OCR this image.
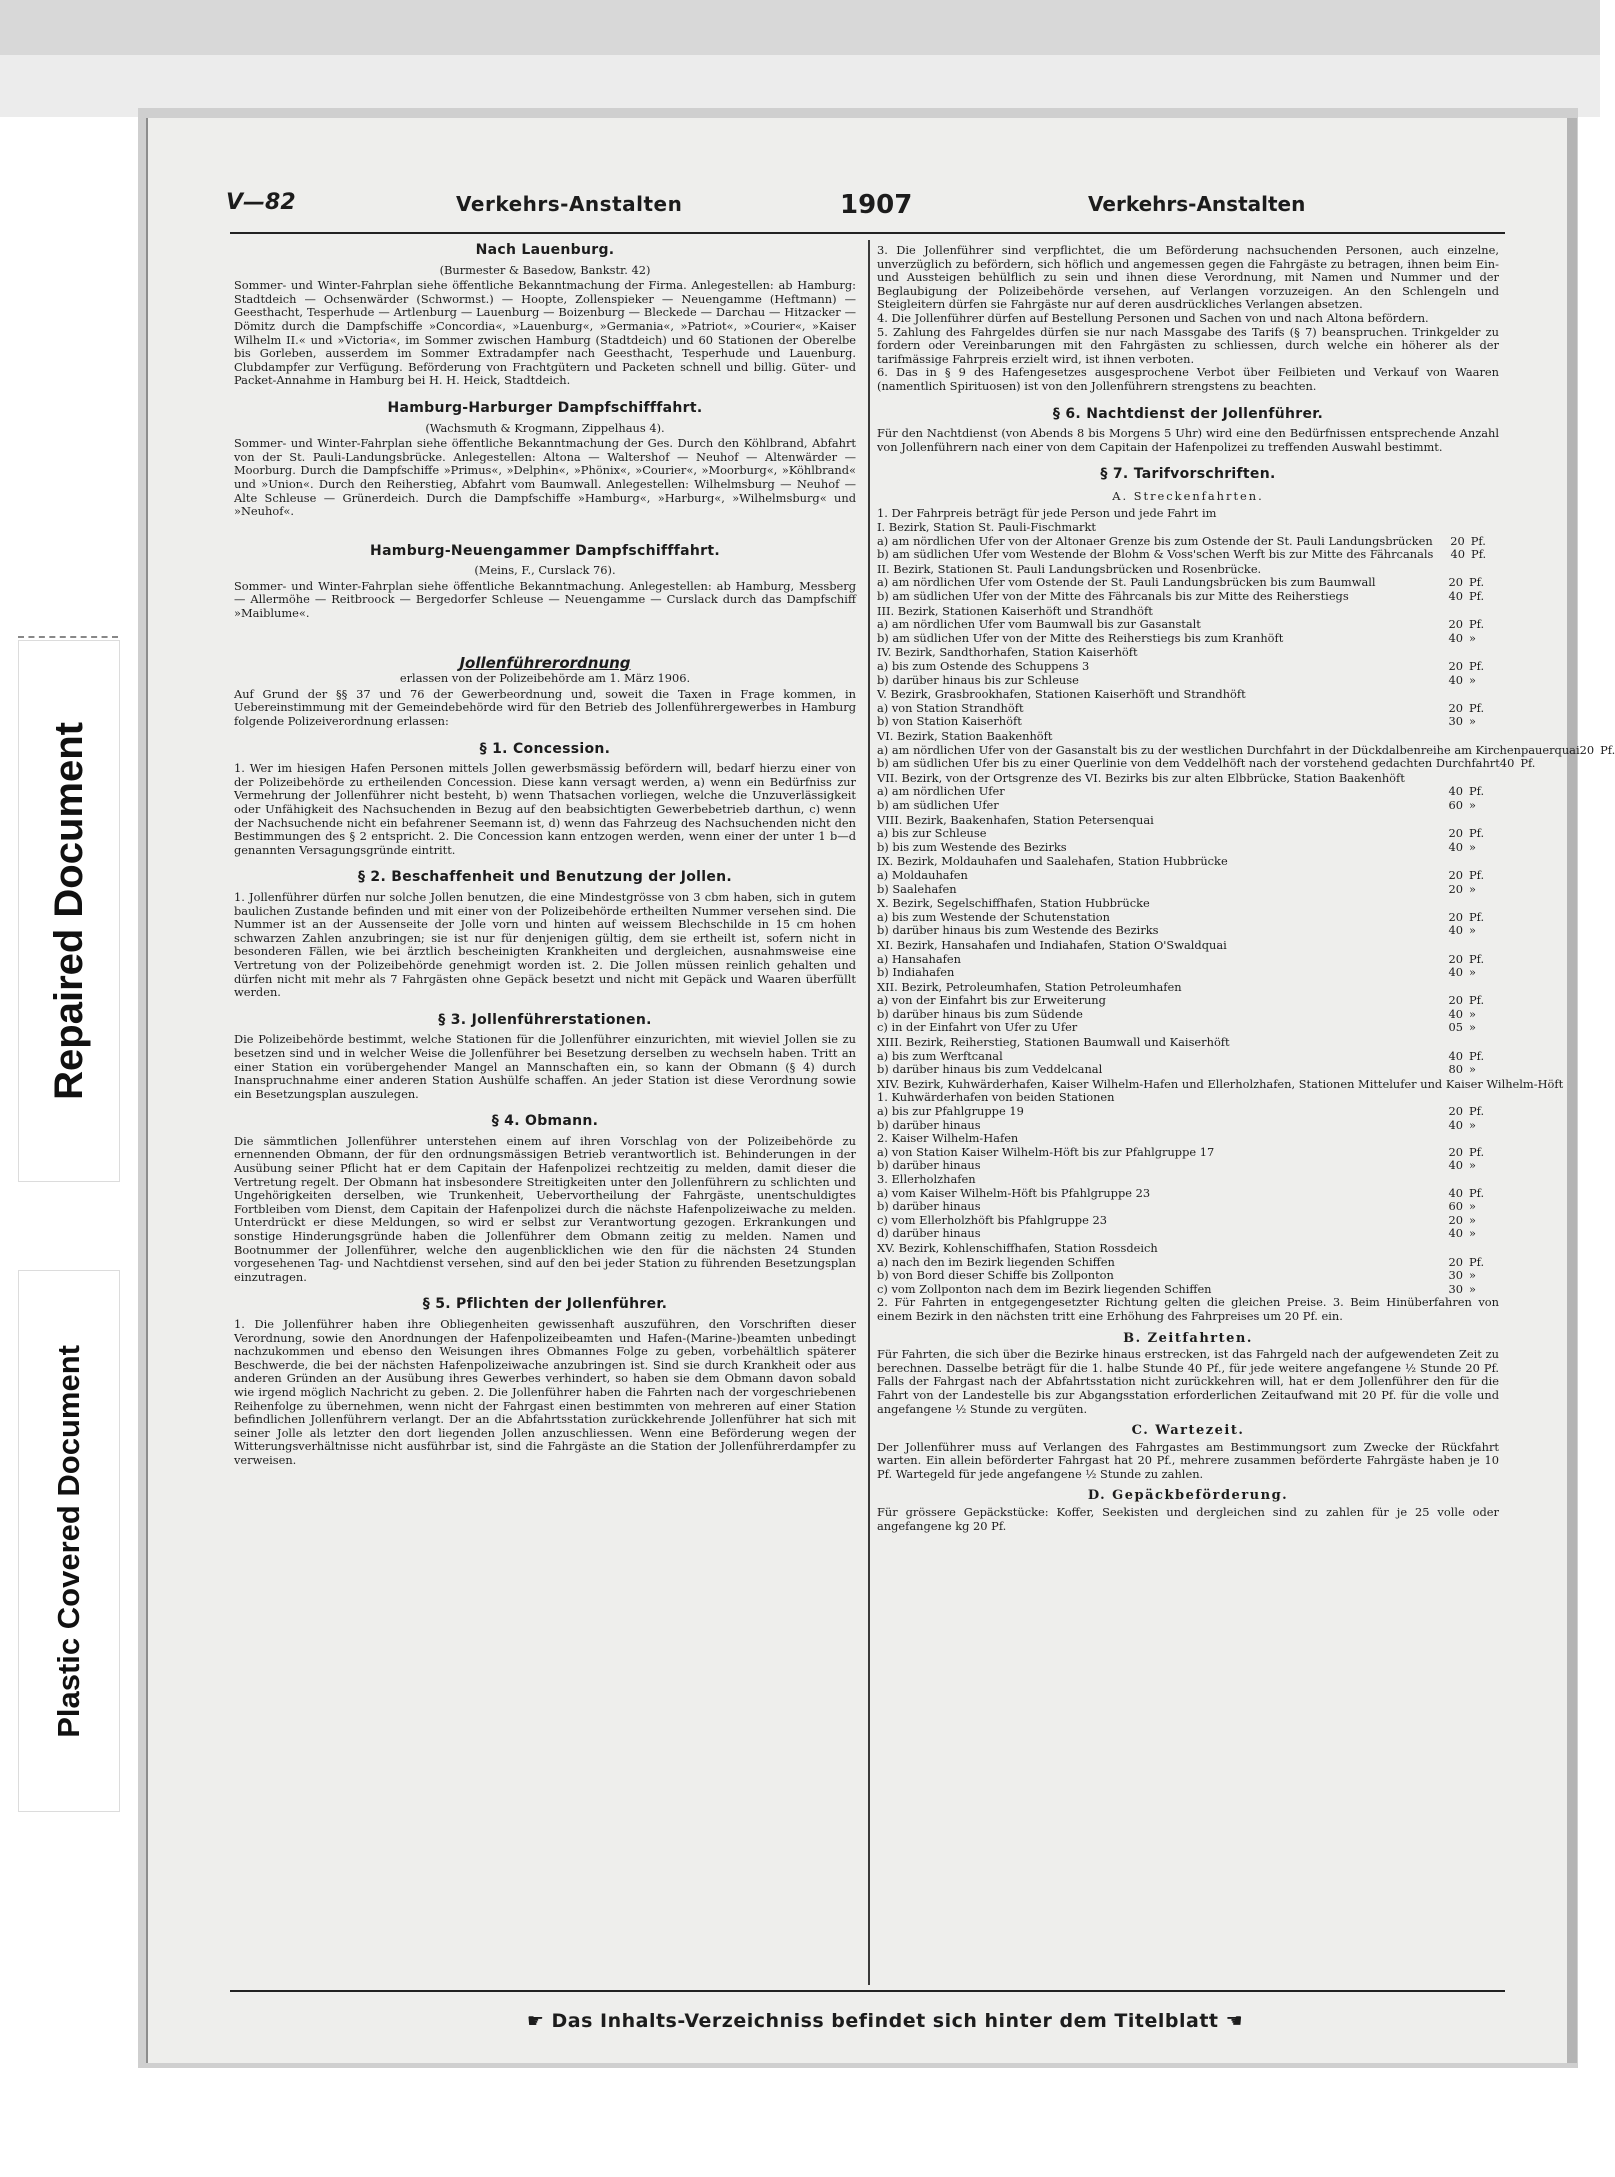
Repaired Document
Plastic Covered Document
V—82	Verkehrs-Anstalten	1907	Verkehrs-Anstalten
Nach Lauenburg.
(Burmester & Basedow, Bankstr. 42)

Sommer- und Winter-Fahrplan siehe öffentliche Bekanntmachung der Firma. Anlegestellen: ab Hamburg: Stadtdeich — Ochsenwärder (Schwormst.) — Hoopte, Zollenspieker — Neuengamme (Heftmann) — Geesthacht, Tesperhude — Artlenburg — Lauenburg — Boizenburg — Bleckede — Darchau — Hitzacker — Dömitz durch die Dampfschiffe »Concordia«, »Lauenburg«, »Germania«, »Patriot«, »Courier«, »Kaiser Wilhelm II.« und »Victoria«, im Sommer zwischen Hamburg (Stadtdeich) und 60 Stationen der Oberelbe bis Gorleben, ausserdem im Sommer Extradampfer nach Geesthacht, Tesperhude und Lauenburg. Clubdampfer zur Verfügung. Beförderung von Frachtgütern und Packeten schnell und billig. Güter- und Packet-Annahme in Hamburg bei H. H. Heick, Stadtdeich.

Hamburg-Harburger Dampfschifffahrt.
(Wachsmuth & Krogmann, Zippelhaus 4).

Sommer- und Winter-Fahrplan siehe öffentliche Bekanntmachung der Ges. Durch den Köhlbrand, Abfahrt von der St. Pauli-Landungsbrücke. Anlegestellen: Altona — Waltershof — Neuhof — Altenwärder — Moorburg. Durch die Dampfschiffe »Primus«, »Delphin«, »Phönix«, »Courier«, »Moorburg«, »Köhlbrand« und »Union«. Durch den Reiherstieg, Abfahrt vom Baumwall. Anlegestellen: Wilhelmsburg — Neuhof — Alte Schleuse — Grünerdeich. Durch die Dampfschiffe »Hamburg«, »Harburg«, »Wilhelmsburg« und »Neuhof«.

Hamburg-Neuengammer Dampfschifffahrt.
(Meins, F., Curslack 76).

Sommer- und Winter-Fahrplan siehe öffentliche Bekanntmachung. Anlegestellen: ab Hamburg, Messberg — Allermöhe — Reitbroock — Bergedorfer Schleuse — Neuengamme — Curslack durch das Dampfschiff »Maiblume«.

Jollenführerordnung
erlassen von der Polizeibehörde am 1. März 1906.

Auf Grund der §§ 37 und 76 der Gewerbeordnung und, soweit die Taxen in Frage kommen, in Uebereinstimmung mit der Gemeindebehörde wird für den Betrieb des Jollenführergewerbes in Hamburg folgende Polizeiverordnung erlassen:

§ 1. Concession.

1. Wer im hiesigen Hafen Personen mittels Jollen gewerbsmässig befördern will, bedarf hierzu einer von der Polizeibehörde zu ertheilenden Concession. Diese kann versagt werden, a) wenn ein Bedürfniss zur Vermehrung der Jollenführer nicht besteht, b) wenn Thatsachen vorliegen, welche die Unzuverlässigkeit oder Unfähigkeit des Nachsuchenden in Bezug auf den beabsichtigten Gewerbebetrieb darthun, c) wenn der Nachsuchende nicht ein befahrener Seemann ist, d) wenn das Fahrzeug des Nachsuchenden nicht den Bestimmungen des § 2 entspricht. 2. Die Concession kann entzogen werden, wenn einer der unter 1 b—d genannten Versagungsgründe eintritt.

§ 2. Beschaffenheit und Benutzung der Jollen.

1. Jollenführer dürfen nur solche Jollen benutzen, die eine Mindestgrösse von 3 cbm haben, sich in gutem baulichen Zustande befinden und mit einer von der Polizeibehörde ertheilten Nummer versehen sind. Die Nummer ist an der Aussenseite der Jolle vorn und hinten auf weissem Blechschilde in 15 cm hohen schwarzen Zahlen anzubringen; sie ist nur für denjenigen gültig, dem sie ertheilt ist, sofern nicht in besonderen Fällen, wie bei ärztlich bescheinigten Krankheiten und dergleichen, ausnahmsweise eine Vertretung von der Polizeibehörde genehmigt worden ist. 2. Die Jollen müssen reinlich gehalten und dürfen nicht mit mehr als 7 Fahrgästen ohne Gepäck besetzt und nicht mit Gepäck und Waaren überfüllt werden.

§ 3. Jollenführerstationen.

Die Polizeibehörde bestimmt, welche Stationen für die Jollenführer einzurichten, mit wieviel Jollen sie zu besetzen sind und in welcher Weise die Jollenführer bei Besetzung derselben zu wechseln haben. Tritt an einer Station ein vorübergehender Mangel an Mannschaften ein, so kann der Obmann (§ 4) durch Inanspruchnahme einer anderen Station Aushülfe schaffen. An jeder Station ist diese Verordnung sowie ein Besetzungsplan auszulegen.

§ 4. Obmann.

Die sämmtlichen Jollenführer unterstehen einem auf ihren Vorschlag von der Polizeibehörde zu ernennenden Obmann, der für den ordnungsmässigen Betrieb verantwortlich ist. Behinderungen in der Ausübung seiner Pflicht hat er dem Capitain der Hafenpolizei rechtzeitig zu melden, damit dieser die Vertretung regelt. Der Obmann hat insbesondere Streitigkeiten unter den Jollenführern zu schlichten und Ungehörigkeiten derselben, wie Trunkenheit, Uebervortheilung der Fahrgäste, unentschuldigtes Fortbleiben vom Dienst, dem Capitain der Hafenpolizei durch die nächste Hafenpolizeiwache zu melden. Unterdrückt er diese Meldungen, so wird er selbst zur Verantwortung gezogen. Erkrankungen und sonstige Hinderungsgründe haben die Jollenführer dem Obmann zeitig zu melden. Namen und Bootnummer der Jollenführer, welche den augenblicklichen wie den für die nächsten 24 Stunden vorgesehenen Tag- und Nachtdienst versehen, sind auf den bei jeder Station zu führenden Besetzungsplan einzutragen.

§ 5. Pflichten der Jollenführer.

1. Die Jollenführer haben ihre Obliegenheiten gewissenhaft auszuführen, den Vorschriften dieser Verordnung, sowie den Anordnungen der Hafenpolizeibeamten und Hafen-(Marine-)beamten unbedingt nachzukommen und ebenso den Weisungen ihres Obmannes Folge zu geben, vorbehältlich späterer Beschwerde, die bei der nächsten Hafenpolizeiwache anzubringen ist. Sind sie durch Krankheit oder aus anderen Gründen an der Ausübung ihres Gewerbes verhindert, so haben sie dem Obmann davon sobald wie irgend möglich Nachricht zu geben. 2. Die Jollenführer haben die Fahrten nach der vorgeschriebenen Reihenfolge zu übernehmen, wenn nicht der Fahrgast einen bestimmten von mehreren auf einer Station befindlichen Jollenführern verlangt. Der an die Abfahrtsstation zurückkehrende Jollenführer hat sich mit seiner Jolle als letzter den dort liegenden Jollen anzuschliessen. Wenn eine Beförderung wegen der Witterungsverhältnisse nicht ausführbar ist, sind die Fahrgäste an die Station der Jollenführerdampfer zu verweisen.

3. Die Jollenführer sind verpflichtet, die um Beförderung nachsuchenden Personen, auch einzelne, unverzüglich zu befördern, sich höflich und angemessen gegen die Fahrgäste zu betragen, ihnen beim Ein- und Aussteigen behülflich zu sein und ihnen diese Verordnung, mit Namen und Nummer und der Beglaubigung der Polizeibehörde versehen, auf Verlangen vorzuzeigen. An den Schlengeln und Steigleitern dürfen sie Fahrgäste nur auf deren ausdrückliches Verlangen absetzen.

4. Die Jollenführer dürfen auf Bestellung Personen und Sachen von und nach Altona befördern.

5. Zahlung des Fahrgeldes dürfen sie nur nach Massgabe des Tarifs (§ 7) beanspruchen. Trinkgelder zu fordern oder Vereinbarungen mit den Fahrgästen zu schliessen, durch welche ein höherer als der tarifmässige Fahrpreis erzielt wird, ist ihnen verboten.

6. Das in § 9 des Hafengesetzes ausgesprochene Verbot über Feilbieten und Verkauf von Waaren (namentlich Spirituosen) ist von den Jollenführern strengstens zu beachten.

§ 6. Nachtdienst der Jollenführer.

Für den Nachtdienst (von Abends 8 bis Morgens 5 Uhr) wird eine den Bedürfnissen entsprechende Anzahl von Jollenführern nach einer von dem Capitain der Hafenpolizei zu treffenden Auswahl bestimmt.

§ 7. Tarifvorschriften.
A. Streckenfahrten.

1. Der Fahrpreis beträgt für jede Person und jede Fahrt im

I. Bezirk, Station St. Pauli-Fischmarkt
a) am nördlichen Ufer von der Altonaer Grenze bis zum Ostende der St. Pauli Landungsbrücken	20 Pf.
b) am südlichen Ufer vom Westende der Blohm & Voss'schen Werft bis zur Mitte des Fährcanals	40 Pf.
II. Bezirk, Stationen St. Pauli Landungsbrücken und Rosenbrücke.
a) am nördlichen Ufer vom Ostende der St. Pauli Landungsbrücken bis zum Baumwall	20 Pf.
b) am südlichen Ufer von der Mitte des Fährcanals bis zur Mitte des Reiherstiegs	40 Pf.
III. Bezirk, Stationen Kaiserhöft und Strandhöft
a) am nördlichen Ufer vom Baumwall bis zur Gasanstalt	20 Pf.
b) am südlichen Ufer von der Mitte des Reiherstiegs bis zum Kranhöft	40 »
IV. Bezirk, Sandthorhafen, Station Kaiserhöft
a) bis zum Ostende des Schuppens 3	20 Pf.
b) darüber hinaus bis zur Schleuse	40 »
V. Bezirk, Grasbrookhafen, Stationen Kaiserhöft und Strandhöft
a) von Station Strandhöft	20 Pf.
b) von Station Kaiserhöft	30 »
VI. Bezirk, Station Baakenhöft
a) am nördlichen Ufer von der Gasanstalt bis zu der westlichen Durchfahrt in der Dückdalbenreihe am Kirchenpauerquai 20 Pf.
b) am südlichen Ufer bis zu einer Querlinie von dem Veddelhöft nach der vorstehend gedachten Durchfahrt 40 Pf.
VII. Bezirk, von der Ortsgrenze des VI. Bezirks bis zur alten Elbbrücke, Station Baakenhöft
a) am nördlichen Ufer	40 Pf.
b) am südlichen Ufer	60 »
VIII. Bezirk, Baakenhafen, Station Petersenquai
a) bis zur Schleuse	20 Pf.
b) bis zum Westende des Bezirks	40 »
IX. Bezirk, Moldauhafen und Saalehafen, Station Hubbrücke
a) Moldauhafen	20 Pf.
b) Saalehafen	20 »
X. Bezirk, Segelschiffhafen, Station Hubbrücke
a) bis zum Westende der Schutenstation	20 Pf.
b) darüber hinaus bis zum Westende des Bezirks	40 »
XI. Bezirk, Hansahafen und Indiahafen, Station O'Swaldquai
a) Hansahafen	20 Pf.
b) Indiahafen	40 »
XII. Bezirk, Petroleumhafen, Station Petroleumhafen
a) von der Einfahrt bis zur Erweiterung	20 Pf.
b) darüber hinaus bis zum Südende	40 »
c) in der Einfahrt von Ufer zu Ufer	05 »
XIII. Bezirk, Reiherstieg, Stationen Baumwall und Kaiserhöft
a) bis zum Werftcanal	40 Pf.
b) darüber hinaus bis zum Veddelcanal	80 »
XIV. Bezirk, Kuhwärderhafen, Kaiser Wilhelm-Hafen und Ellerholzhafen, Stationen Mittelufer und Kaiser Wilhelm-Höft
1. Kuhwärderhafen von beiden Stationen
a) bis zur Pfahlgruppe 19	20 Pf.
b) darüber hinaus	40 »
2. Kaiser Wilhelm-Hafen
a) von Station Kaiser Wilhelm-Höft bis zur Pfahlgruppe 17	20 Pf.
b) darüber hinaus	40 »
3. Ellerholzhafen
a) vom Kaiser Wilhelm-Höft bis Pfahlgruppe 23	40 Pf.
b) darüber hinaus	60 »
c) vom Ellerholzhöft bis Pfahlgruppe 23	20 »
d) darüber hinaus	40 »
XV. Bezirk, Kohlenschiffhafen, Station Rossdeich
a) nach den im Bezirk liegenden Schiffen	20 Pf.
b) von Bord dieser Schiffe bis Zollponton	30 »
c) vom Zollponton nach dem im Bezirk liegenden Schiffen	30 »

2. Für Fahrten in entgegengesetzter Richtung gelten die gleichen Preise. 3. Beim Hinüberfahren von einem Bezirk in den nächsten tritt eine Erhöhung des Fahrpreises um 20 Pf. ein.

B. Zeitfahrten.

Für Fahrten, die sich über die Bezirke hinaus erstrecken, ist das Fahrgeld nach der aufgewendeten Zeit zu berechnen. Dasselbe beträgt für die 1. halbe Stunde 40 Pf., für jede weitere angefangene ½ Stunde 20 Pf. Falls der Fahrgast nach der Abfahrtsstation nicht zurückkehren will, hat er dem Jollenführer den für die Fahrt von der Landestelle bis zur Abgangsstation erforderlichen Zeitaufwand mit 20 Pf. für die volle und angefangene ½ Stunde zu vergüten.

C. Wartezeit.

Der Jollenführer muss auf Verlangen des Fahrgastes am Bestimmungsort zum Zwecke der Rückfahrt warten. Ein allein beförderter Fahrgast hat 20 Pf., mehrere zusammen beförderte Fahrgäste haben je 10 Pf. Wartegeld für jede angefangene ½ Stunde zu zahlen.

D. Gepäckbeförderung.

Für grössere Gepäckstücke: Koffer, Seekisten und dergleichen sind zu zahlen für je 25 volle oder angefangene kg 20 Pf.

☛ Das Inhalts-Verzeichniss befindet sich hinter dem Titelblatt ☚
